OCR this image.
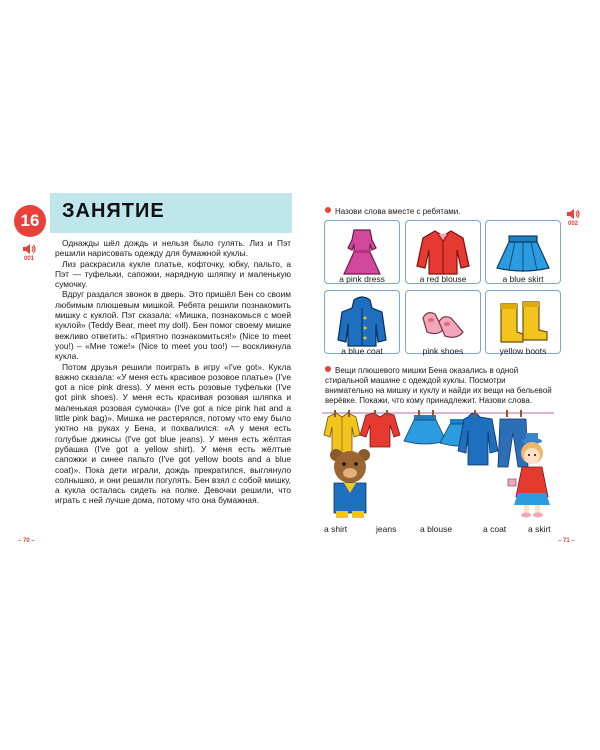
16	ЗАНЯТИЕ
001

Однажды шёл дождь и нельзя было гулять. Лиз и Пэт решили нарисовать одежду для бумажной куклы.

Лиз раскрасила кукле платье, кофточку, юбку, пальто, а Пэт — туфельки, сапожки, нарядную шляпку и маленькую сумочку.

Вдруг раздался звонок в дверь. Это пришёл Бен со своим любимым плюшевым мишкой. Ребята решили познакомить мишку с куклой. Пэт сказала: «Мишка, познакомься с моей куклой» (Teddy Bear, meet my doll). Бен помог своему мишке вежливо ответить: «Приятно познакомиться!» (Nice to meet you!) – «Мне тоже!» (Nice to meet you too!) — воскликнула кукла.

Потом друзья решили поиграть в игру «I've got». Кукла важно сказала: «У меня есть красивое розовое платье» (I've got a nice pink dress). У меня есть розовые туфельки (I've got pink shoes). У меня есть красивая розовая шляпка и маленькая розовая сумочка» (I've got a nice pink hat and a little pink bag)». Мишка не растерялся, потому что ему было уютно на руках у Бена, и похвалился: «А у меня есть голубые джинсы (I've got blue jeans). У меня есть жёлтая рубашка (I've got a yellow shirt). У меня есть жёлтые сапожки и синее пальто (I've got yellow boots and a blue coat)». Пока дети играли, дождь прекратился, выглянуло солнышко, и они решили погулять. Бен взял с собой мишку, а кукла осталась сидеть на полке. Девочки решили, что играть с ней лучше дома, потому что она бумажная.

– 70 –
002
Назови слова вместе с ребятами.
a pink dress	a red blouse	a blue skirt
a blue coat	pink shoes	yellow boots
Вещи плюшевого мишки Бена оказались в одной стиральной машине с одеждой куклы. Посмотри внимательно на мишку и куклу и найди их вещи на бельевой верёвке. Покажи, что кому принадлежит. Назови слова.
a shirt	jeans	a blouse	a coat	a skirt
– 71 –
